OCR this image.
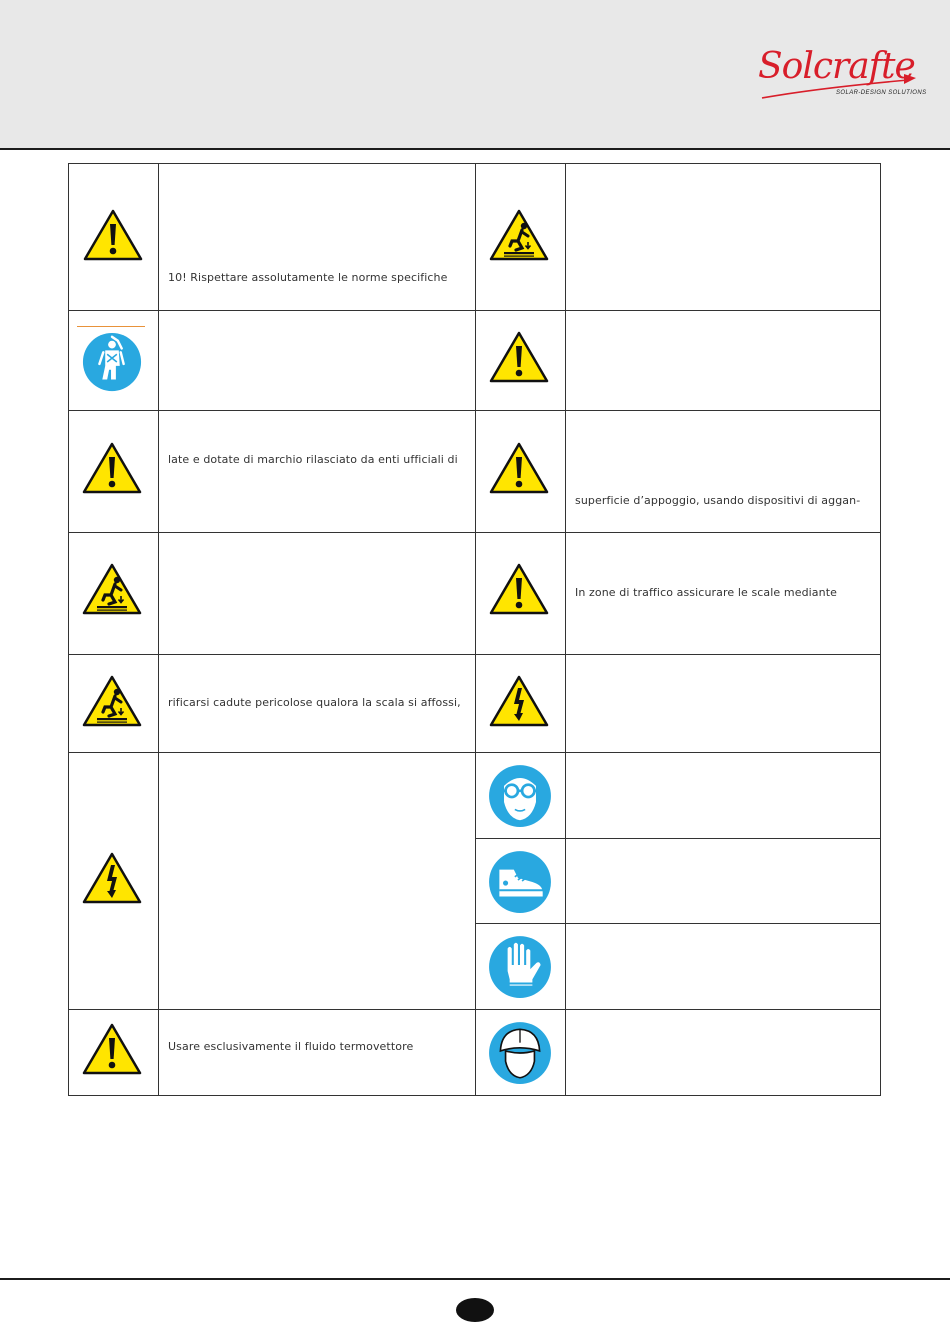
Solcrafte
SOLAR-DESIGN SOLUTIONS
10! Rispettare assolutamente le norme specifiche
late e dotate di marchio rilasciato da enti ufficiali di
superficie d’appoggio, usando dispositivi di aggan-
In zone di traffico assicurare le scale mediante
rificarsi cadute pericolose qualora la scala si affossi,
Usare esclusivamente il fluido termovettore
